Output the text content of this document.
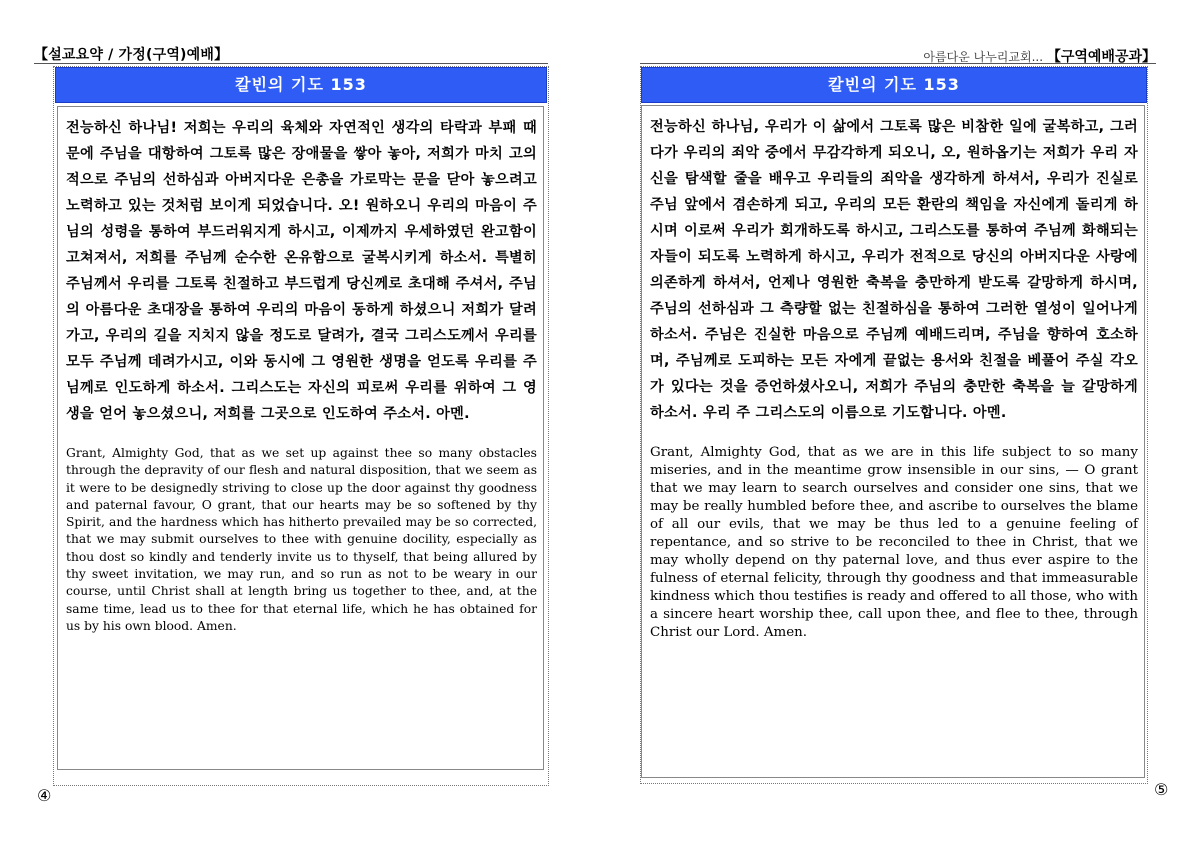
【설교요약 / 가정(구역)예배】	아름다운 나누리교회... 【구역예배공과】
칼빈의 기도 153

전능하신 하나님! 저희는 우리의 육체와 자연적인 생각의 타락과 부패 때문에 주님을 대항하여 그토록 많은 장애물을 쌓아 놓아, 저희가 마치 고의적으로 주님의 선하심과 아버지다운 은총을 가로막는 문을 닫아 놓으려고 노력하고 있는 것처럼 보이게 되었습니다. 오! 원하오니 우리의 마음이 주님의 성령을 통하여 부드러워지게 하시고, 이제까지 우세하였던 완고함이 고쳐져서, 저희를 주님께 순수한 온유함으로 굴복시키게 하소서. 특별히 주님께서 우리를 그토록 친절하고 부드럽게 당신께로 초대해 주셔서, 주님의 아름다운 초대장을 통하여 우리의 마음이 동하게 하셨으니 저희가 달려가고, 우리의 길을 지치지 않을 정도로 달려가, 결국 그리스도께서 우리를 모두 주님께 데려가시고, 이와 동시에 그 영원한 생명을 얻도록 우리를 주님께로 인도하게 하소서. 그리스도는 자신의 피로써 우리를 위하여 그 영생을 얻어 놓으셨으니, 저희를 그곳으로 인도하여 주소서. 아멘.

Grant, Almighty God, that as we set up against thee so many obstacles through the depravity of our flesh and natural disposition, that we seem as it were to be designedly striving to close up the door against thy goodness and paternal favour, O grant, that our hearts may be so softened by thy Spirit, and the hardness which has hitherto prevailed may be so corrected, that we may submit ourselves to thee with genuine docility, especially as thou dost so kindly and tenderly invite us to thyself, that being allured by thy sweet invitation, we may run, and so run as not to be weary in our course, until Christ shall at length bring us together to thee, and, at the same time, lead us to thee for that eternal life, which he has obtained for us by his own blood. Amen.

④
칼빈의 기도 153

전능하신 하나님, 우리가 이 삶에서 그토록 많은 비참한 일에 굴복하고, 그러다가 우리의 죄악 중에서 무감각하게 되오니, 오, 원하옵기는 저희가 우리 자신을 탐색할 줄을 배우고 우리들의 죄악을 생각하게 하셔서, 우리가 진실로 주님 앞에서 겸손하게 되고, 우리의 모든 환란의 책임을 자신에게 돌리게 하시며 이로써 우리가 회개하도록 하시고, 그리스도를 통하여 주님께 화해되는 자들이 되도록 노력하게 하시고, 우리가 전적으로 당신의 아버지다운 사랑에 의존하게 하셔서, 언제나 영원한 축복을 충만하게 받도록 갈망하게 하시며, 주님의 선하심과 그 측량할 없는 친절하심을 통하여 그러한 열성이 일어나게 하소서. 주님은 진실한 마음으로 주님께 예배드리며, 주님을 향하여 호소하며, 주님께로 도피하는 모든 자에게 끝없는 용서와 친절을 베풀어 주실 각오가 있다는 것을 증언하셨사오니, 저희가 주님의 충만한 축복을 늘 갈망하게 하소서. 우리 주 그리스도의 이름으로 기도합니다. 아멘.

Grant, Almighty God, that as we are in this life subject to so many miseries, and in the meantime grow insensible in our sins, — O grant that we may learn to search ourselves and consider one sins, that we may be really humbled before thee, and ascribe to ourselves the blame of all our evils, that we may be thus led to a genuine feeling of repentance, and so strive to be reconciled to thee in Christ, that we may wholly depend on thy paternal love, and thus ever aspire to the fulness of eternal felicity, through thy goodness and that immeasurable kindness which thou testifies is ready and offered to all those, who with a sincere heart worship thee, call upon thee, and flee to thee, through Christ our Lord. Amen.

⑤
